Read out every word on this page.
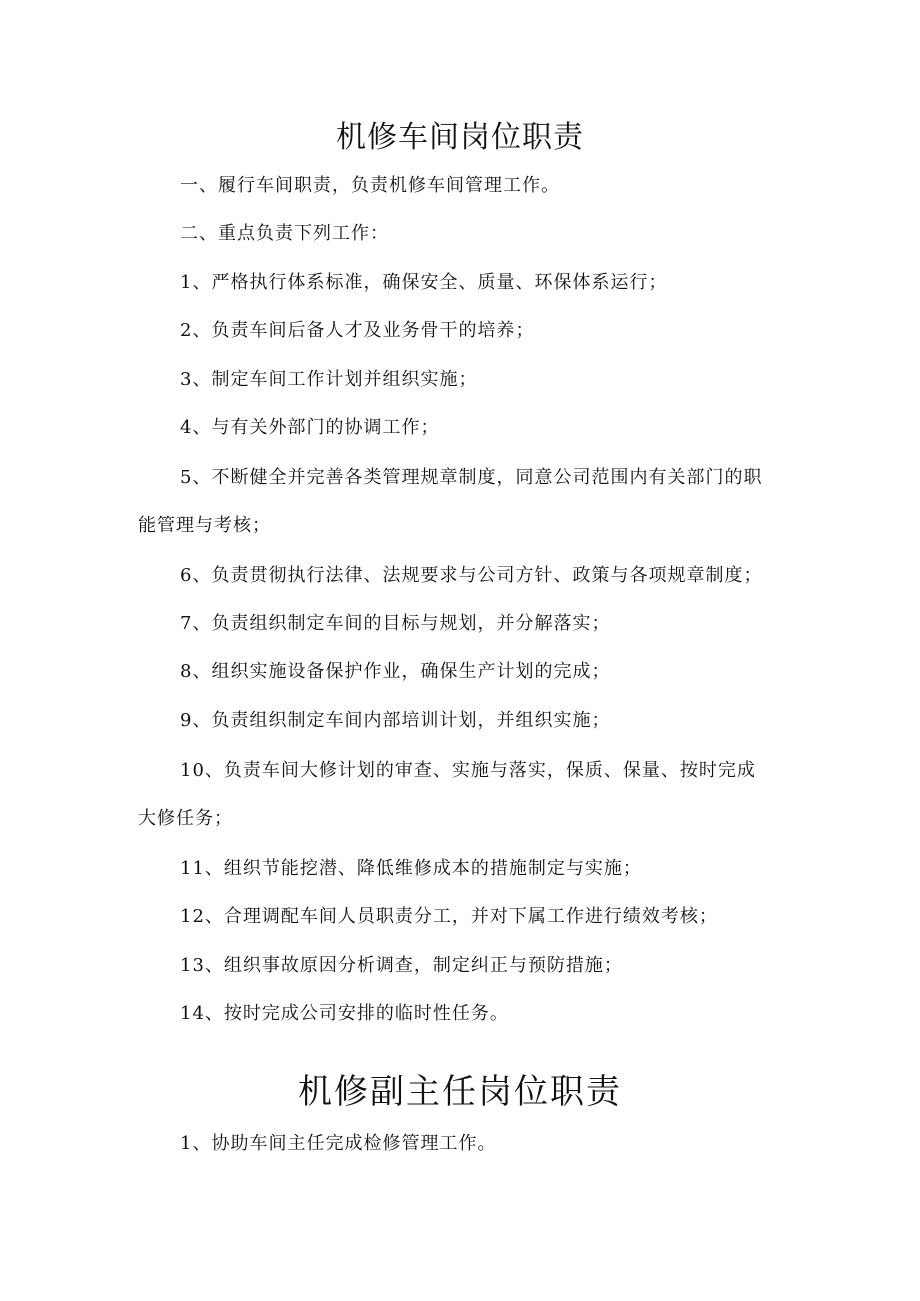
机修车间岗位职责
一、履行车间职责，负责机修车间管理工作。
二、重点负责下列工作：
1、严格执行体系标准，确保安全、质量、环保体系运行；
2、负责车间后备人才及业务骨干的培养；
3、制定车间工作计划并组织实施；
4、与有关外部门的协调工作；
5、不断健全并完善各类管理规章制度，同意公司范围内有关部门的职
能管理与考核；
6、负责贯彻执行法律、法规要求与公司方针、政策与各项规章制度；
7、负责组织制定车间的目标与规划，并分解落实；
8、组织实施设备保护作业，确保生产计划的完成；
9、负责组织制定车间内部培训计划，并组织实施；
10、负责车间大修计划的审查、实施与落实，保质、保量、按时完成
大修任务；
11、组织节能挖潜、降低维修成本的措施制定与实施；
12、合理调配车间人员职责分工，并对下属工作进行绩效考核；
13、组织事故原因分析调查，制定纠正与预防措施；
14、按时完成公司安排的临时性任务。
机修副主任岗位职责
1、协助车间主任完成检修管理工作。
